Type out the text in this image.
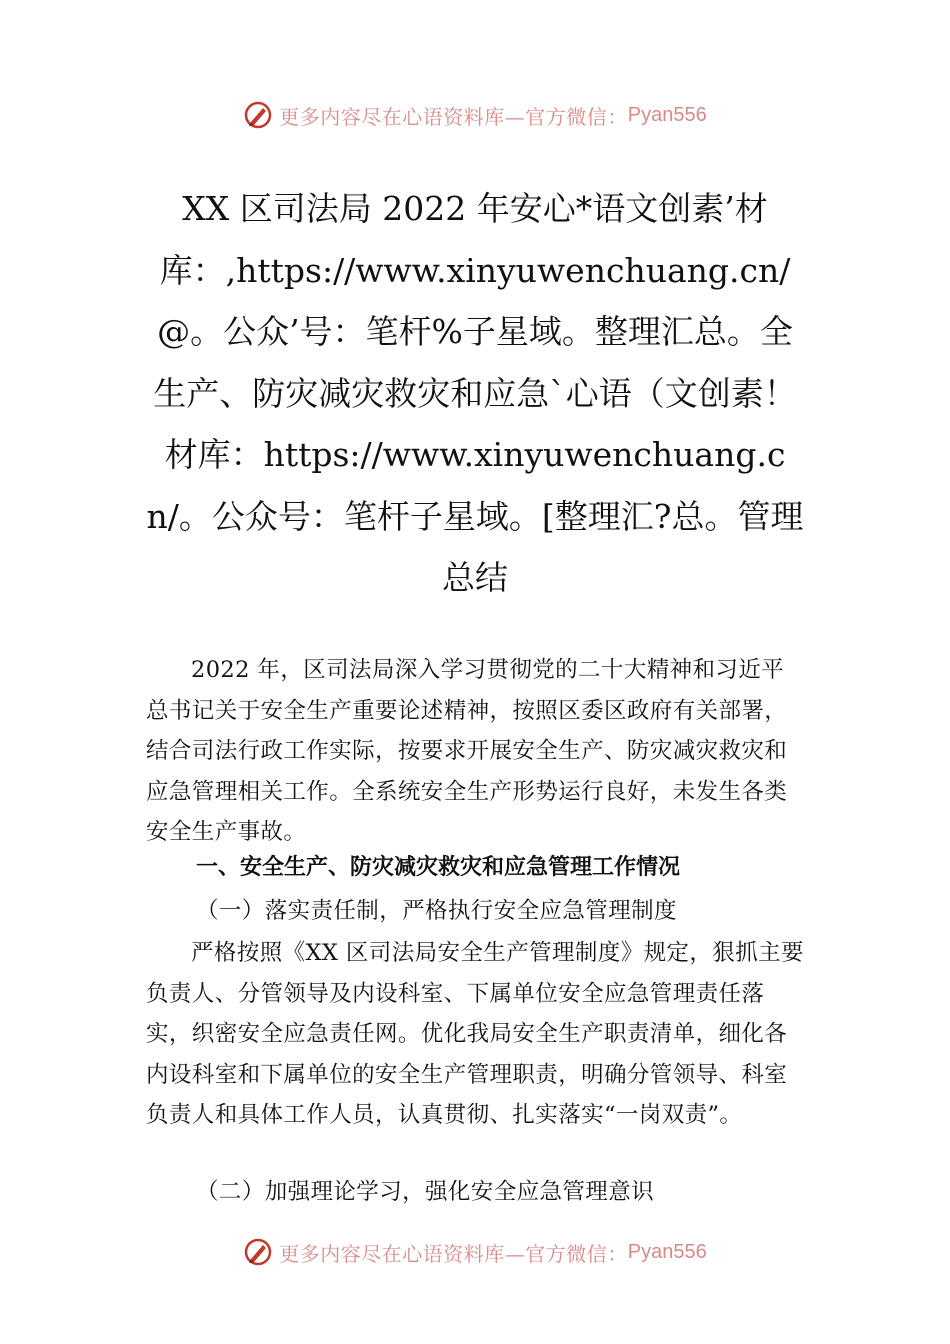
更多内容尽在心语资料库—官方微信： Pyan556
XX 区司法局 2022 年安心*语文创素’材库：,https://www.xinyuwenchuang.cn/@。公众’号：笔杆%子星域。整理汇总。全生产、防灾减灾救灾和应急`心语（文创素！材库：https://www.xinyuwenchuang.cn/。公众号：笔杆子星域。[整理汇?总。管理总结
2022 年，区司法局深入学习贯彻党的二十大精神和习近平总书记关于安全生产重要论述精神，按照区委区政府有关部署，结合司法行政工作实际，按要求开展安全生产、防灾减灾救灾和应急管理相关工作。全系统安全生产形势运行良好，未发生各类安全生产事故。
一、安全生产、防灾减灾救灾和应急管理工作情况
（一）落实责任制，严格执行安全应急管理制度
严格按照《XX 区司法局安全生产管理制度》规定，狠抓主要负责人、分管领导及内设科室、下属单位安全应急管理责任落实，织密安全应急责任网。优化我局安全生产职责清单，细化各内设科室和下属单位的安全生产管理职责，明确分管领导、科室负责人和具体工作人员，认真贯彻、扎实落实“一岗双责”。
（二）加强理论学习，强化安全应急管理意识
更多内容尽在心语资料库—官方微信： Pyan556
